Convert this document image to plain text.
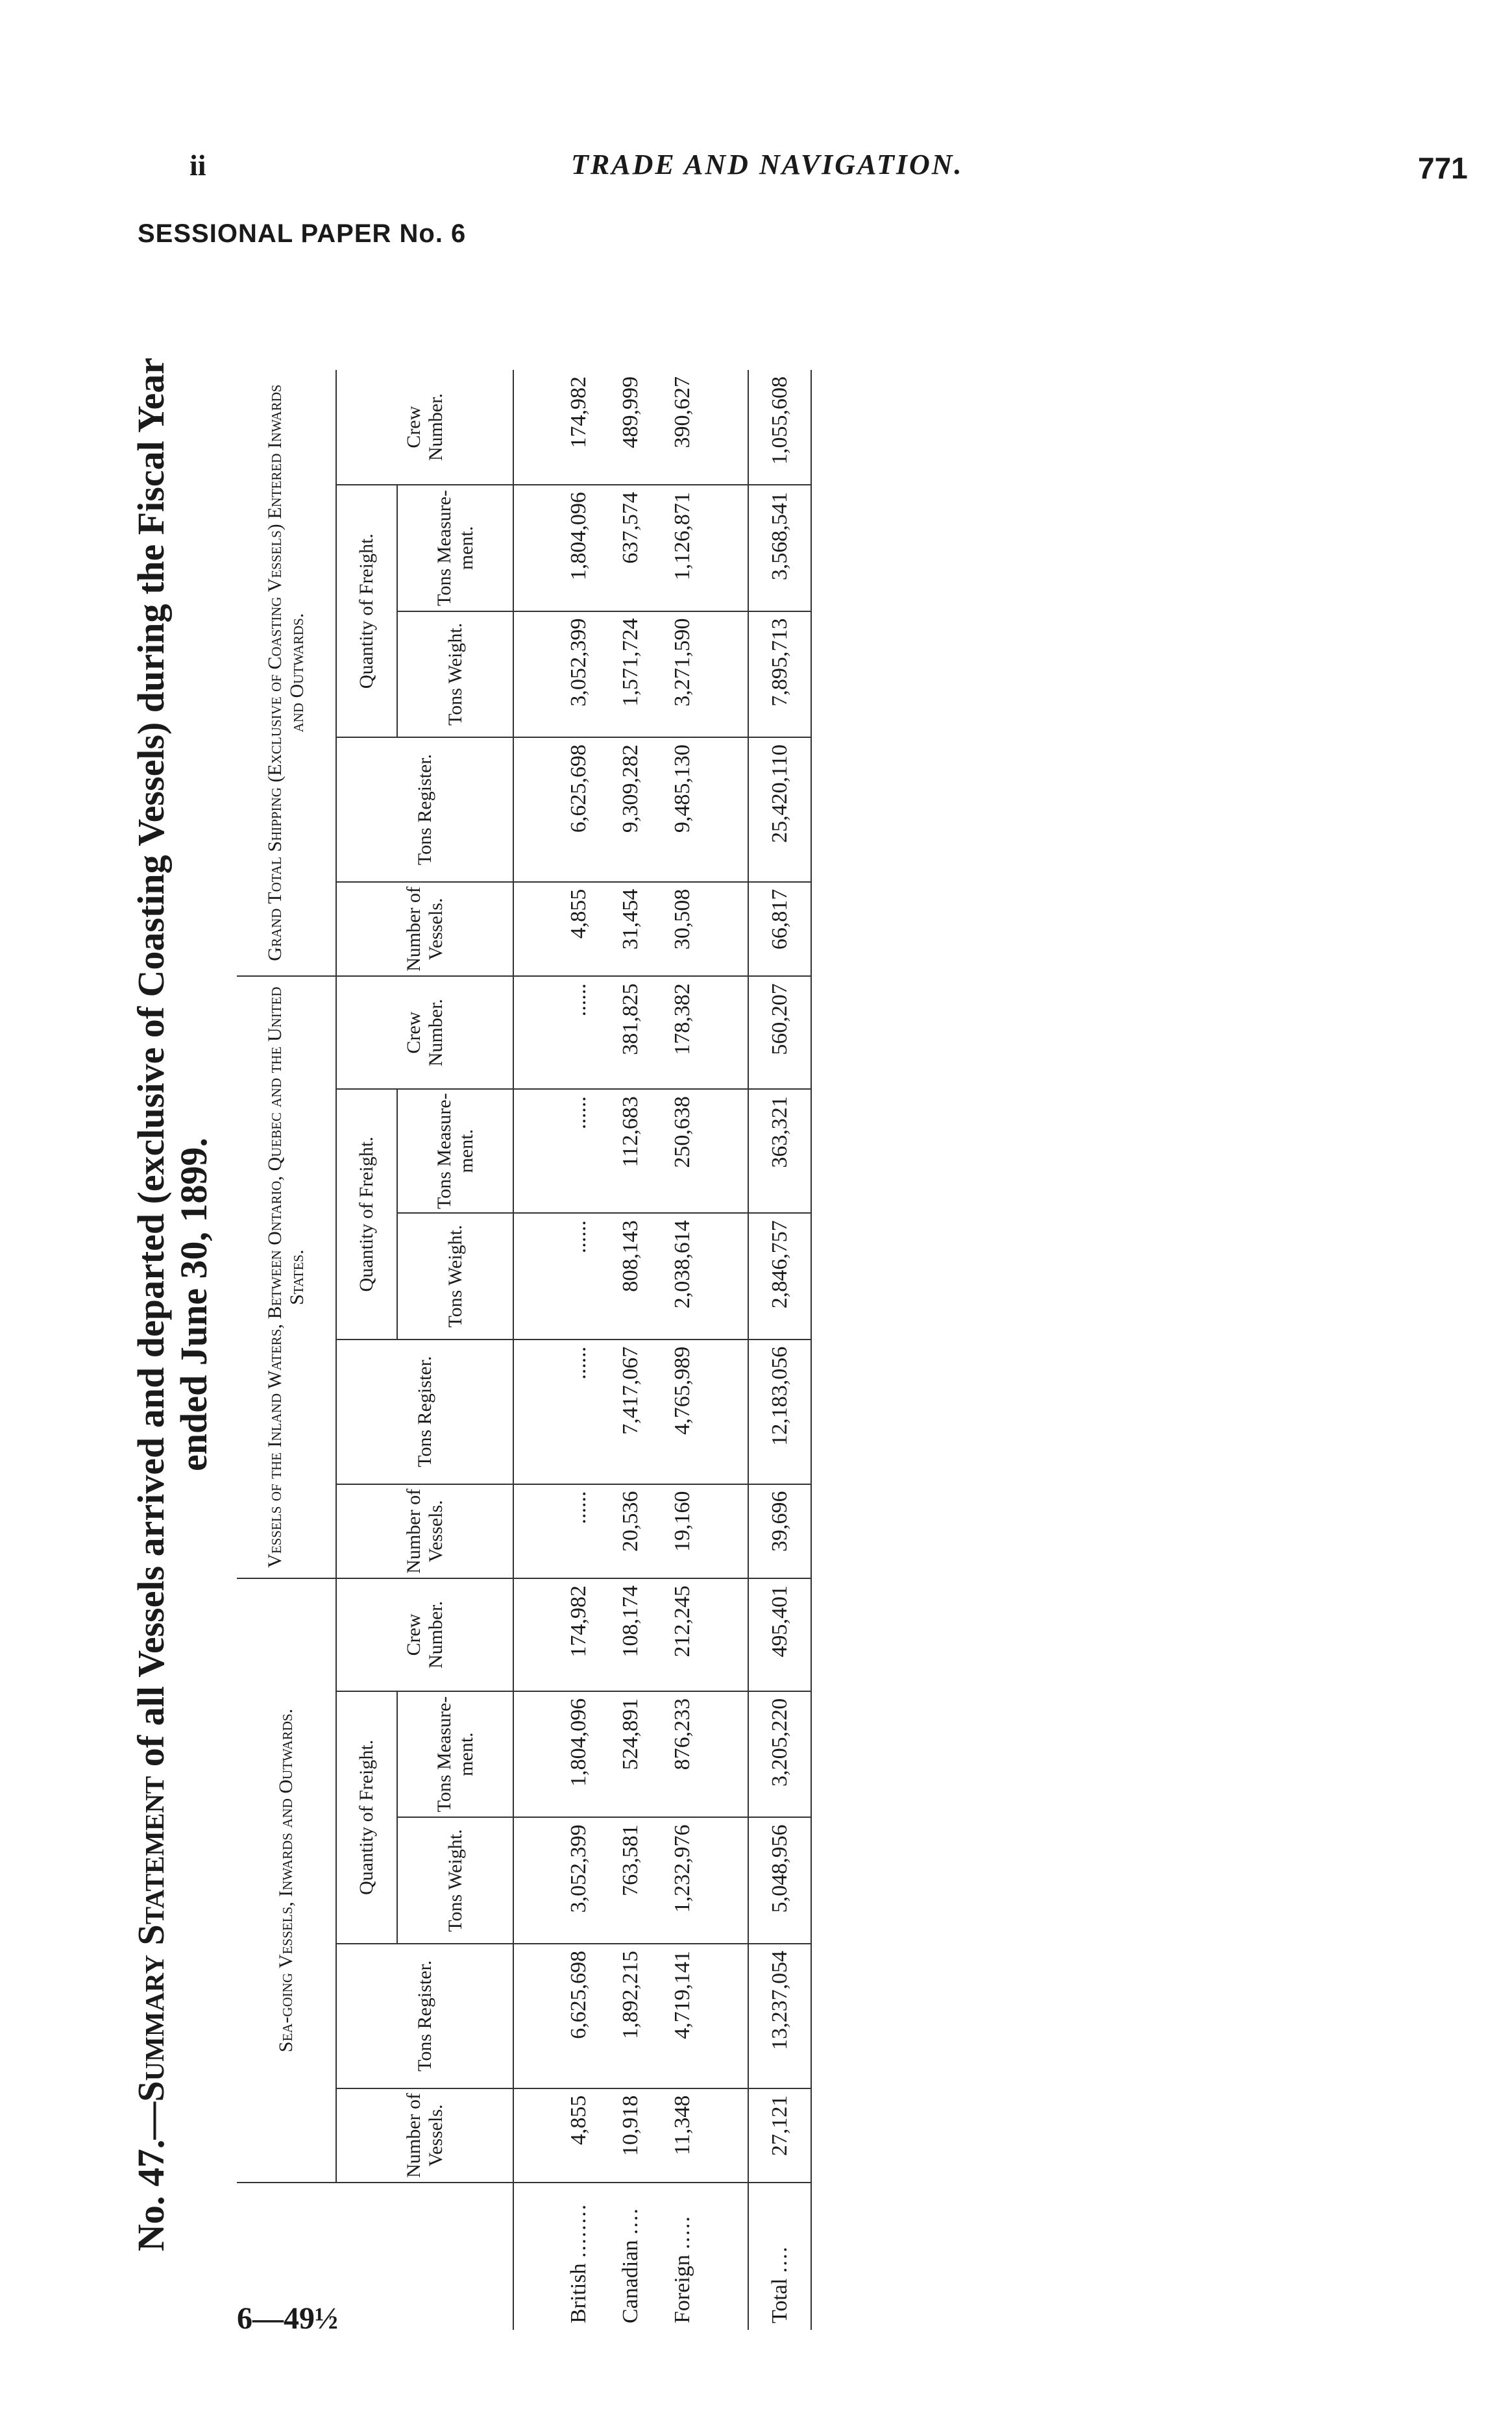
ii	TRADE AND NAVIGATION.	771
SESSIONAL PAPER No. 6
No. 47.—Summary Statement of all Vessels arrived and departed (exclusive of Coasting Vessels) during the Fiscal Year
ended June 30, 1899.
	Sea-going Vessels, Inwards and Outwards.					Vessels of the Inland Waters, Between Ontario, Quebec and the United States.					Grand Total Shipping (Exclusive of Coasting Vessels) Entered Inwards and Outwards.				
	Number of Vessels.	Tons Register.	Quantity of Freight.		Crew Number.	Number of Vessels.	Tons Register.	Quantity of Freight.		Crew Number.	Number of Vessels.	Tons Register.	Quantity of Freight.		Crew Number.
			Tons Weight.	Tons Measure-ment.				Tons Weight.	Tons Measure-ment.				Tons Weight.	Tons Measure-ment.	

British ........	4,855	6,625,698	3,052,399	1,804,096	174,982	......	......	......	......	......	4,855	6,625,698	3,052,399	1,804,096	174,982
Canadian ....	10,918	1,892,215	763,581	524,891	108,174	20,536	7,417,067	808,143	112,683	381,825	31,454	9,309,282	1,571,724	637,574	489,999
Foreign .....	11,348	4,719,141	1,232,976	876,233	212,245	19,160	4,765,989	2,038,614	250,638	178,382	30,508	9,485,130	3,271,590	1,126,871	390,627

Total ....	27,121	13,237,054	5,048,956	3,205,220	495,401	39,696	12,183,056	2,846,757	363,321	560,207	66,817	25,420,110	7,895,713	3,568,541	1,055,608
6—49½
